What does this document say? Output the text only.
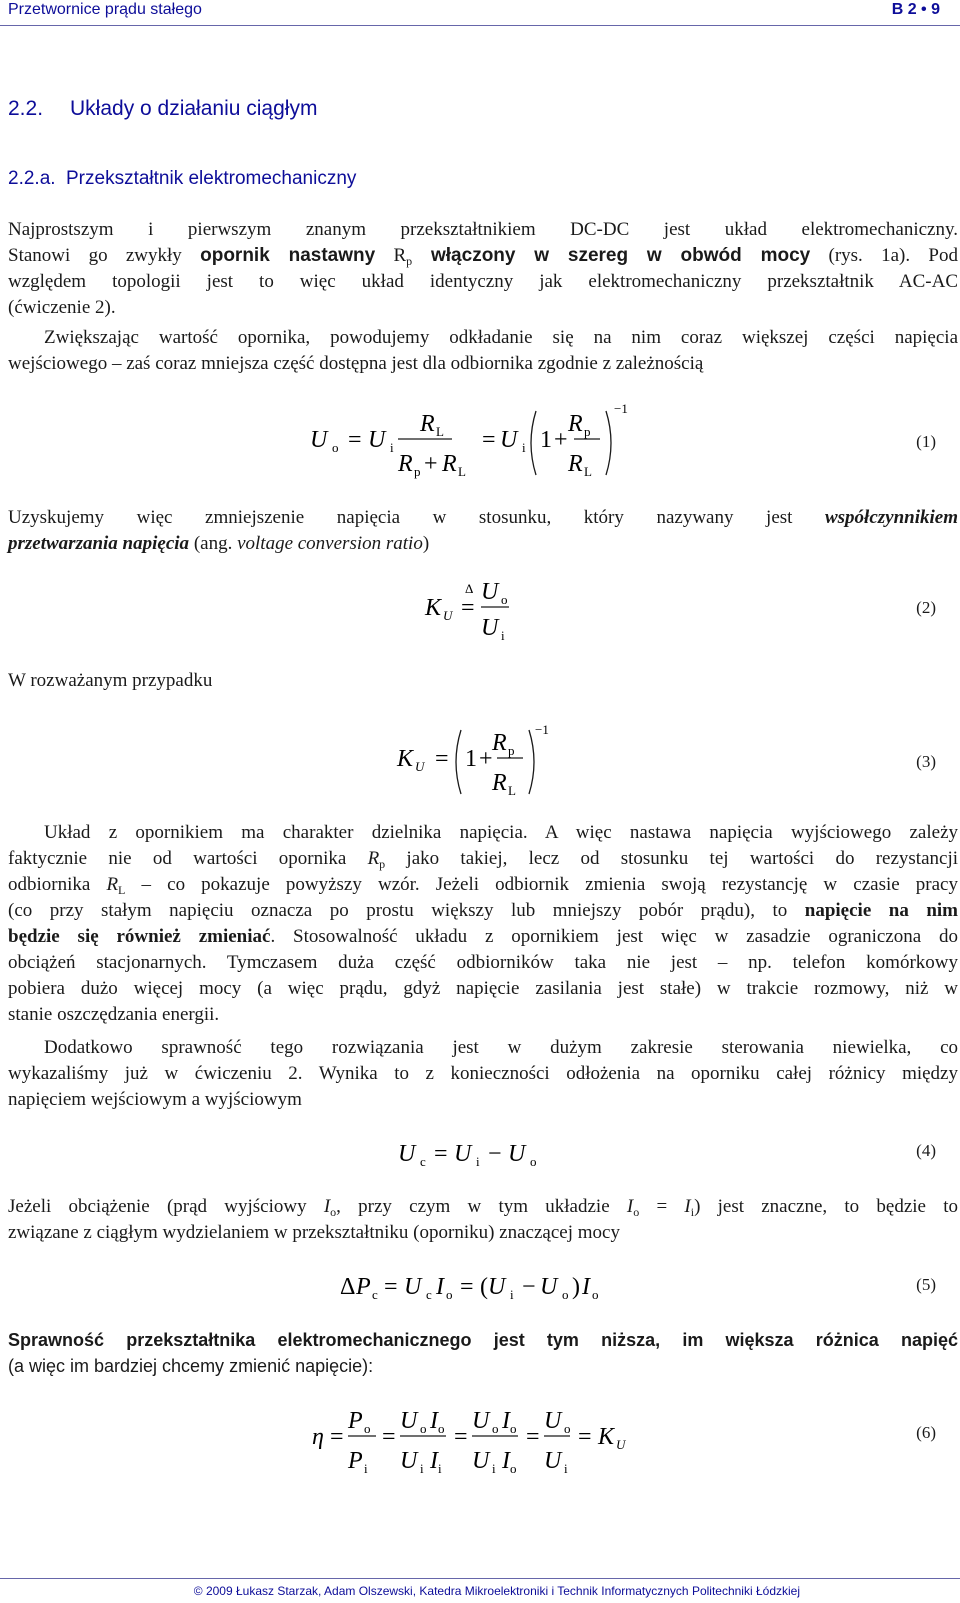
Przetwornice prądu stałego	B 2 • 9
2.2. Układy o działaniu ciągłym
2.2.a. Przekształtnik elektromechaniczny
Najprostszym i pierwszym znanym przekształtnikiem DC-DC jest układ elektromechaniczny.
Stanowi go zwykły opornik nastawny $R_p$ włączony w szereg w obwód mocy (rys. 1a). Pod
względem topologii jest to więc układ identyczny jak elektromechaniczny przekształtnik AC-AC
(ćwiczenie 2).
Zwiększając wartość opornika, powodujemy odkładanie się na nim coraz większej części napięcia
wejściowego – zaś coraz mniejsza część dostępna jest dla odbiornika zgodnie z zależnością
U o = U i
R L
R p + R L
= U i 1 +
R p
R L
−1
(1)
Uzyskujemy więc zmniejszenie napięcia w stosunku, który nazywany jest współczynnikiem
przetwarzania napięcia (ang. voltage conversion ratio)
K U
Δ
=
U o
U i
(2)
W rozważanym przypadku
K U = 1 +
R p
R L
−1
(3)
Układ z opornikiem ma charakter dzielnika napięcia. A więc nastawa napięcia wyjściowego zależy
faktycznie nie od wartości opornika $R_p$ jako takiej, lecz od stosunku tej wartości do rezystancji
odbiornika $R_L$ – co pokazuje powyższy wzór. Jeżeli odbiornik zmienia swoją rezystancję w czasie pracy
(co przy stałym napięciu oznacza po prostu większy lub mniejszy pobór prądu), to napięcie na nim
będzie się również zmieniać. Stosowalność układu z opornikiem jest więc w zasadzie ograniczona do
obciążeń stacjonarnych. Tymczasem duża część odbiorników taka nie jest – np. telefon komórkowy
pobiera dużo więcej mocy (a więc prądu, gdyż napięcie zasilania jest stałe) w trakcie rozmowy, niż w
stanie oszczędzania energii.
Dodatkowo sprawność tego rozwiązania jest w dużym zakresie sterowania niewielka, co
wykazaliśmy już w ćwiczeniu 2. Wynika to z konieczności odłożenia na oporniku całej różnicy między
napięciem wejściowym a wyjściowym
U c = U i − U o
(4)
Jeżeli obciążenie (prąd wyjściowy $I_o$, przy czym w tym układzie $I_o = I_i$) jest znaczne, to będzie to
związane z ciągłym wydzielaniem w przekształtniku (oporniku) znaczącej mocy
Δ P c = U c I o = ( U i − U o ) I o
(5)
Sprawność przekształtnika elektromechanicznego jest tym niższa, im większa różnica napięć
(a więc im bardziej chcemy zmienić napięcie):
η =
P o
P i
=
U o I o
U i I i
=
U o I o
U i I o
=
U o
U i
= K U
(6)
© 2009 Łukasz Starzak, Adam Olszewski, Katedra Mikroelektroniki i Technik Informatycznych Politechniki Łódzkiej
